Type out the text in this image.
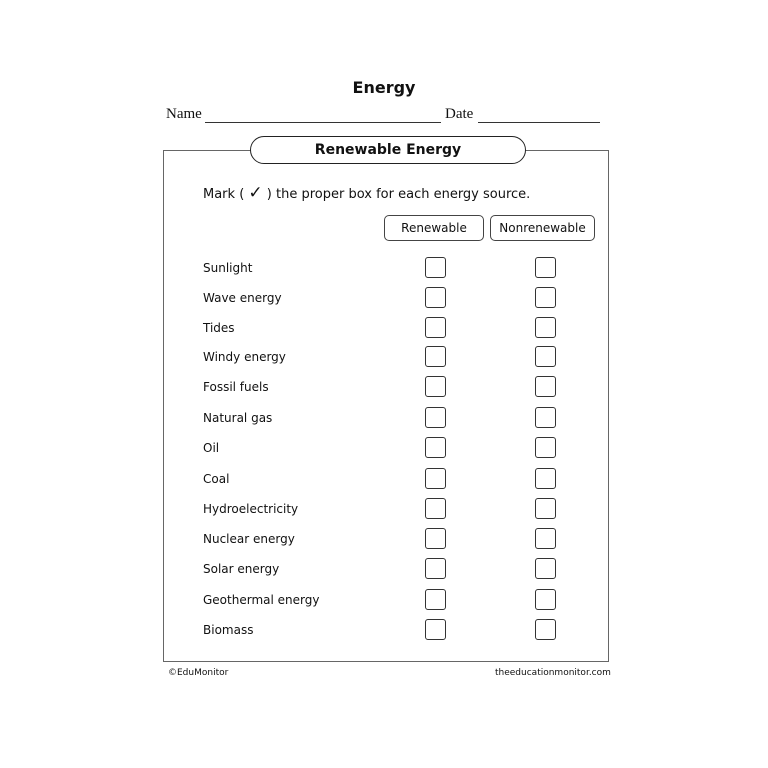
Energy
Name	Date
Renewable Energy
Mark ( ✓ ) the proper box for each energy source.
Renewable	Nonrenewable
Sunlight
Wave energy
Tides
Windy energy
Fossil fuels
Natural gas
Oil
Coal
Hydroelectricity
Nuclear energy
Solar energy
Geothermal energy
Biomass
©EduMonitor	theeducationmonitor.com
